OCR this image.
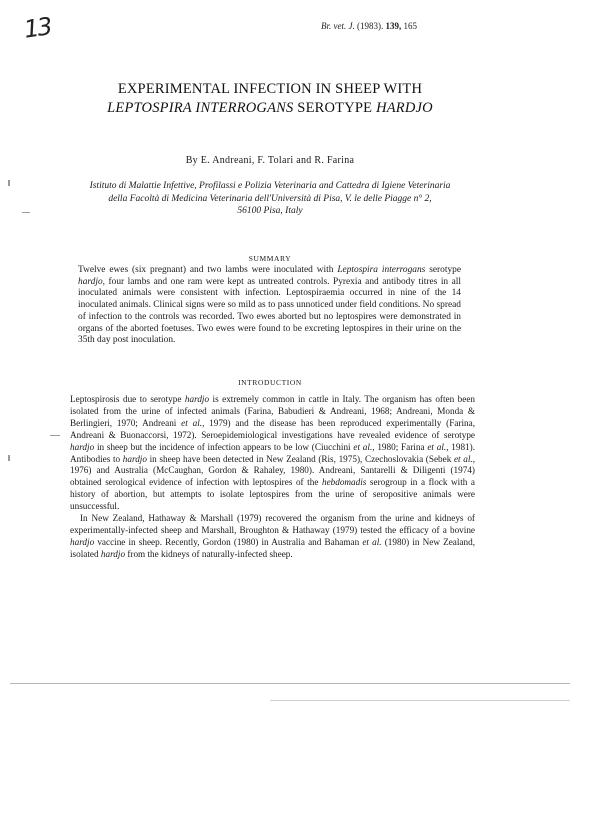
13	Br. vet. J. (1983). 139, 165
EXPERIMENTAL INFECTION IN SHEEP WITH
LEPTOSPIRA INTERROGANS SEROTYPE HARDJO
By E. Andreani, F. Tolari and R. Farina
Istituto di Malattie Infettive, Profilassi e Polizia Veterinaria and Cattedra di Igiene Veterinaria
della Facoltà di Medicina Veterinaria dell'Università di Pisa, V. le delle Piagge n° 2,
56100 Pisa, Italy
SUMMARY
Twelve ewes (six pregnant) and two lambs were inoculated with Leptospira interrogans serotype hardjo, four lambs and one ram were kept as untreated controls. Pyrexia and antibody titres in all inoculated animals were consistent with infection. Leptospiraemia occurred in nine of the 14 inoculated animals. Clinical signs were so mild as to pass unnoticed under field conditions. No spread of infection to the controls was recorded. Two ewes aborted but no leptospires were demonstrated in organs of the aborted foetuses. Two ewes were found to be excreting leptospires in their urine on the 35th day post inoculation.
INTRODUCTION

Leptospirosis due to serotype hardjo is extremely common in cattle in Italy. The organism has often been isolated from the urine of infected animals (Farina, Babudieri & Andreani, 1968; Andreani, Monda & Berlingieri, 1970; Andreani et al., 1979) and the disease has been reproduced experimentally (Farina, Andreani & Buonaccorsi, 1972). Seroepidemiological investigations have revealed evidence of serotype hardjo in sheep but the incidence of infection appears to be low (Ciucchini et al., 1980; Farina et al., 1981). Antibodies to hardjo in sheep have been detected in New Zealand (Ris, 1975), Czechoslovakia (Sebek et al., 1976) and Australia (McCaughan, Gordon & Rahaley, 1980). Andreani, Santarelli & Diligenti (1974) obtained serological evidence of infection with leptospires of the hebdomadis serogroup in a flock with a history of abortion, but attempts to isolate leptospires from the urine of seropositive animals were unsuccessful.

In New Zealand, Hathaway & Marshall (1979) recovered the organism from the urine and kidneys of experimentally-infected sheep and Marshall, Broughton & Hathaway (1979) tested the efficacy of a bovine hardjo vaccine in sheep. Recently, Gordon (1980) in Australia and Bahaman et al. (1980) in New Zealand, isolated hardjo from the kidneys of naturally-infected sheep.
